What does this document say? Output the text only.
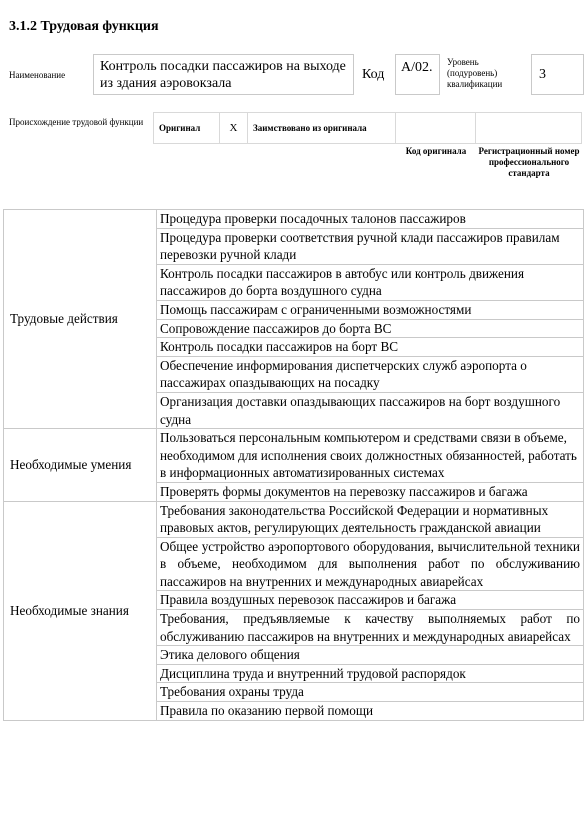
3.1.2 Трудовая функция
Наименование
Контроль посадки пассажиров на выходе из здания аэровокзала
Код	А/02.	Уровень (подуровень) квалификации
3
Происхождение трудовой функции
Оригинал	X	Заимствовано из оригинала		
Код оригинала	Регистрационный номер профессионального стандарта
Трудовые действия	Процедура проверки посадочных талонов пассажиров
	Процедура проверки соответствия ручной клади пассажиров правилам перевозки ручной клади
	Контроль посадки пассажиров в автобус или контроль движения пассажиров до борта воздушного судна
	Помощь пассажирам с ограниченными возможностями
	Сопровождение пассажиров до борта ВС
	Контроль посадки пассажиров на борт ВС
	Обеспечение информирования диспетчерских служб аэропорта о пассажирах опаздывающих на посадку
	Организация доставки опаздывающих пассажиров на борт воздушного судна
Необходимые умения	Пользоваться персональным компьютером и средствами связи в объеме, необходимом для исполнения своих должностных обязанностей, работать в информационных автоматизированных системах
	Проверять формы документов на перевозку пассажиров и багажа
Необходимые знания	Требования законодательства Российской Федерации и нормативных правовых актов, регулирующих деятельность гражданской авиации
	Общее устройство аэропортового оборудования, вычислительной техники в объеме, необходимом для выполнения работ по обслуживанию пассажиров на внутренних и международных авиарейсах
	Правила воздушных перевозок пассажиров и багажа
	Требования, предъявляемые к качеству выполняемых работ по обслуживанию пассажиров на внутренних и международных авиарейсах
	Этика делового общения
	Дисциплина труда и внутренний трудовой распорядок
	Требования охраны труда
	Правила по оказанию первой помощи
